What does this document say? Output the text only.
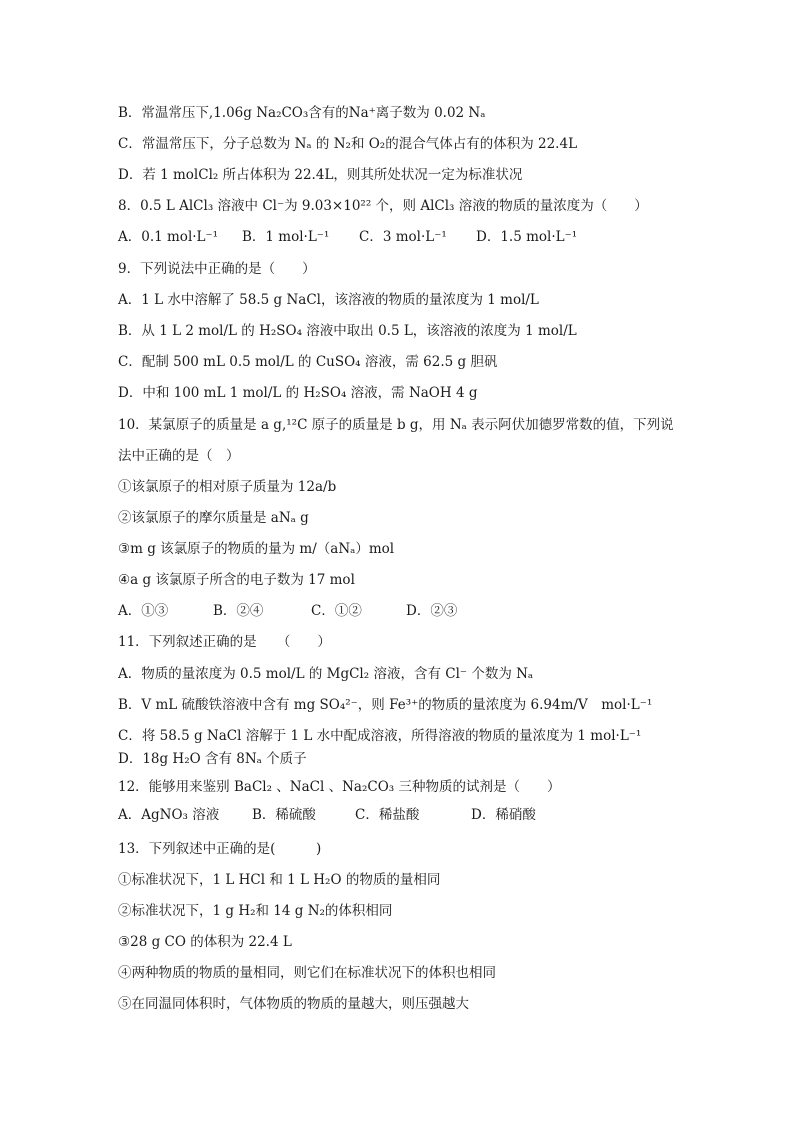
B．常温常压下,1.06g Na₂CO₃含有的Na⁺离子数为 0.02 Nₐ
C．常温常压下，分子总数为 Nₐ 的 N₂和 O₂的混合气体占有的体积为 22.4L
D．若 1 molCl₂ 所占体积为 22.4L，则其所处状况一定为标准状况
8．0.5 L AlCl₃ 溶液中 Cl⁻为 9.03×10²² 个，则 AlCl₃ 溶液的物质的量浓度为（　　）
A．0.1 mol·L⁻¹	B．1 mol·L⁻¹	C．3 mol·L⁻¹	D．1.5 mol·L⁻¹
9．下列说法中正确的是（　　）
A．1 L 水中溶解了 58.5 g NaCl，该溶液的物质的量浓度为 1 mol/L
B．从 1 L 2 mol/L 的 H₂SO₄ 溶液中取出 0.5 L，该溶液的浓度为 1 mol/L
C．配制 500 mL 0.5 mol/L 的 CuSO₄ 溶液，需 62.5 g 胆矾
D．中和 100 mL 1 mol/L 的 H₂SO₄ 溶液，需 NaOH 4 g
10．某氯原子的质量是 a g,¹²C 原子的质量是 b g，用 Nₐ 表示阿伏加德罗常数的值，下列说
法中正确的是（　）
①该氯原子的相对原子质量为 12a/b
②该氯原子的摩尔质量是 aNₐ g
③m g 该氯原子的物质的量为 m/（aNₐ）mol
④a g 该氯原子所含的电子数为 17 mol
A．①③	B．②④	C．①②	D．②③
11．下列叙述正确的是　　（　　）
A．物质的量浓度为 0.5 mol/L 的 MgCl₂ 溶液，含有 Cl⁻ 个数为 Nₐ
B．V mL 硫酸铁溶液中含有 mg SO₄²⁻，则 Fe³⁺的物质的量浓度为 6.94m/V　mol·L⁻¹
C．将 58.5 g NaCl 溶解于 1 L 水中配成溶液，所得溶液的物质的量浓度为 1 mol·L⁻¹
D．18g H₂O 含有 8Nₐ 个质子
12．能够用来鉴别 BaCl₂ 、NaCl 、Na₂CO₃ 三种物质的试剂是（　　）
A．AgNO₃ 溶液	B．稀硫酸	C．稀盐酸	D．稀硝酸
13．下列叙述中正确的是(　　　)
①标准状况下，1 L HCl 和 1 L H₂O 的物质的量相同
②标准状况下，1 g H₂和 14 g N₂的体积相同
③28 g CO 的体积为 22.4 L
④两种物质的物质的量相同，则它们在标准状况下的体积也相同
⑤在同温同体积时，气体物质的物质的量越大，则压强越大
